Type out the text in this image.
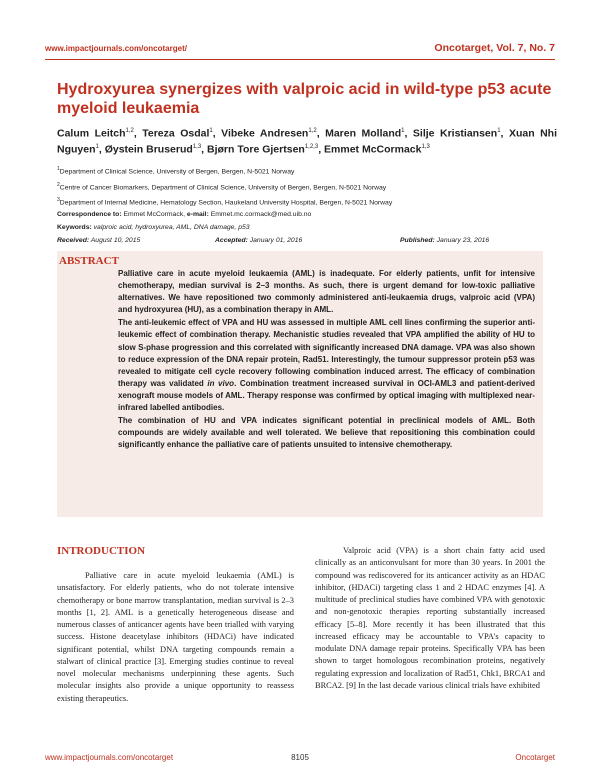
www.impactjournals.com/oncotarget/	Oncotarget, Vol. 7, No. 7
Hydroxyurea synergizes with valproic acid in wild-type p53 acute myeloid leukaemia
Calum Leitch$^{1,2}$, Tereza Osdal$^1$, Vibeke Andresen$^{1,2}$, Maren Molland$^1$, Silje Kristiansen$^1$, Xuan Nhi Nguyen$^1$, Øystein Bruserud$^{1,3}$, Bjørn Tore Gjertsen$^{1,2,3}$, Emmet McCormack$^{1,3}$
$^1$Department of Clinical Science, University of Bergen, Bergen, N-5021 Norway
$^2$Centre of Cancer Biomarkers, Department of Clinical Science, University of Bergen, Bergen, N-5021 Norway
$^3$Department of Internal Medicine, Hematology Section, Haukeland University Hospital, Bergen, N-5021 Norway
Correspondence to: Emmet McCormack, e-mail: Emmet.mc.cormack@med.uib.no
Keywords: valproic acid, hydroxyurea, AML, DNA damage, p53
Received: August 10, 2015	Accepted: January 01, 2016	Published: January 23, 2016
ABSTRACT

Palliative care in acute myeloid leukaemia (AML) is inadequate. For elderly patients, unfit for intensive chemotherapy, median survival is 2–3 months. As such, there is urgent demand for low-toxic palliative alternatives. We have repositioned two commonly administered anti-leukaemia drugs, valproic acid (VPA) and hydroxyurea (HU), as a combination therapy in AML.

The anti-leukemic effect of VPA and HU was assessed in multiple AML cell lines confirming the superior anti-leukemic effect of combination therapy. Mechanistic studies revealed that VPA amplified the ability of HU to slow S-phase progression and this correlated with significantly increased DNA damage. VPA was also shown to reduce expression of the DNA repair protein, Rad51. Interestingly, the tumour suppressor protein p53 was revealed to mitigate cell cycle recovery following combination induced arrest. The efficacy of combination therapy was validated in vivo. Combination treatment increased survival in OCI-AML3 and patient-derived xenograft mouse models of AML. Therapy response was confirmed by optical imaging with multiplexed near-infrared labelled antibodies.

The combination of HU and VPA indicates significant potential in preclinical models of AML. Both compounds are widely available and well tolerated. We believe that repositioning this combination could significantly enhance the palliative care of patients unsuited to intensive chemotherapy.

INTRODUCTION
Palliative care in acute myeloid leukaemia (AML) is unsatisfactory. For elderly patients, who do not tolerate intensive chemotherapy or bone marrow transplantation, median survival is 2–3 months [1, 2]. AML is a genetically heterogeneous disease and numerous classes of anticancer agents have been trialled with varying success. Histone deacetylase inhibitors (HDACi) have indicated significant potential, whilst DNA targeting compounds remain a stalwart of clinical practice [3]. Emerging studies continue to reveal novel molecular mechanisms underpinning these agents. Such molecular insights also provide a unique opportunity to reassess existing therapeutics.
Valproic acid (VPA) is a short chain fatty acid used clinically as an anticonvulsant for more than 30 years. In 2001 the compound was rediscovered for its anticancer activity as an HDAC inhibitor, (HDACi) targeting class 1 and 2 HDAC enzymes [4]. A multitude of preclinical studies have combined VPA with genotoxic and non-genotoxic therapies reporting substantially increased efficacy [5–8]. More recently it has been illustrated that this increased efficacy may be accountable to VPA's capacity to modulate DNA damage repair proteins. Specifically VPA has been shown to target homologous recombination proteins, negatively regulating expression and localization of Rad51, Chk1, BRCA1 and BRCA2. [9] In the last decade various clinical trials have exhibited
www.impactjournals.com/oncotarget	8105	Oncotarget
